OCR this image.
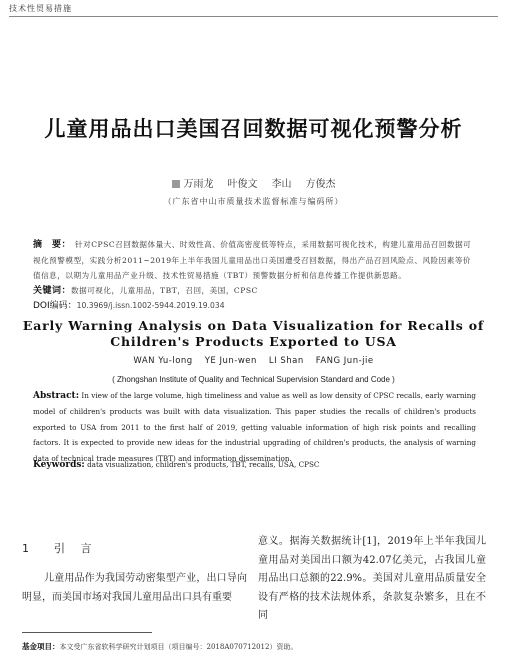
技术性贸易措施
儿童用品出口美国召回数据可视化预警分析
万雨龙 叶俊文 李山 方俊杰
（广东省中山市质量技术监督标准与编码所）
摘　要： 针对CPSC召回数据体量大、时效性高、价值高密度低等特点，采用数据可视化技术，构建儿童用品召回数据可视化预警模型，实践分析2011~2019年上半年我国儿童用品出口美国遭受召回数据，得出产品召回风险点、风险因素等价值信息，以期为儿童用品产业升级、技术性贸易措施（TBT）预警数据分析和信息传播工作提供新思路。
关键词：数据可视化，儿童用品，TBT，召回，美国，CPSC
DOI编码：10.3969/j.issn.1002-5944.2019.19.034
Early Warning Analysis on Data Visualization for Recalls of
Children's Products Exported to USA
WAN Yu-long YE Jun-wen LI Shan FANG Jun-jie
( Zhongshan Institute of Quality and Technical Supervision Standard and Code )
Abstract: In view of the large volume, high timeliness and value as well as low density of CPSC recalls, early warning model of children's products was built with data visualization. This paper studies the recalls of children's products exported to USA from 2011 to the first half of 2019, getting valuable information of high risk points and recalling factors. It is expected to provide new ideas for the industrial upgrading of children's products, the analysis of warning data of technical trade measures (TBT) and information dissemination.
Keywords: data visualization, children's products, TBT, recalls, USA, CPSC
1 引 言
儿童用品作为我国劳动密集型产业，出口导向明显，而美国市场对我国儿童用品出口具有重要
意义。据海关数据统计[1]，2019年上半年我国儿童用品对美国出口额为42.07亿美元，占我国儿童用品出口总额的22.9%。美国对儿童用品质量安全设有严格的技术法规体系，条款复杂繁多，且在不同
基金项目：本文受广东省软科学研究计划项目（项目编号：2018A070712012）资助。
